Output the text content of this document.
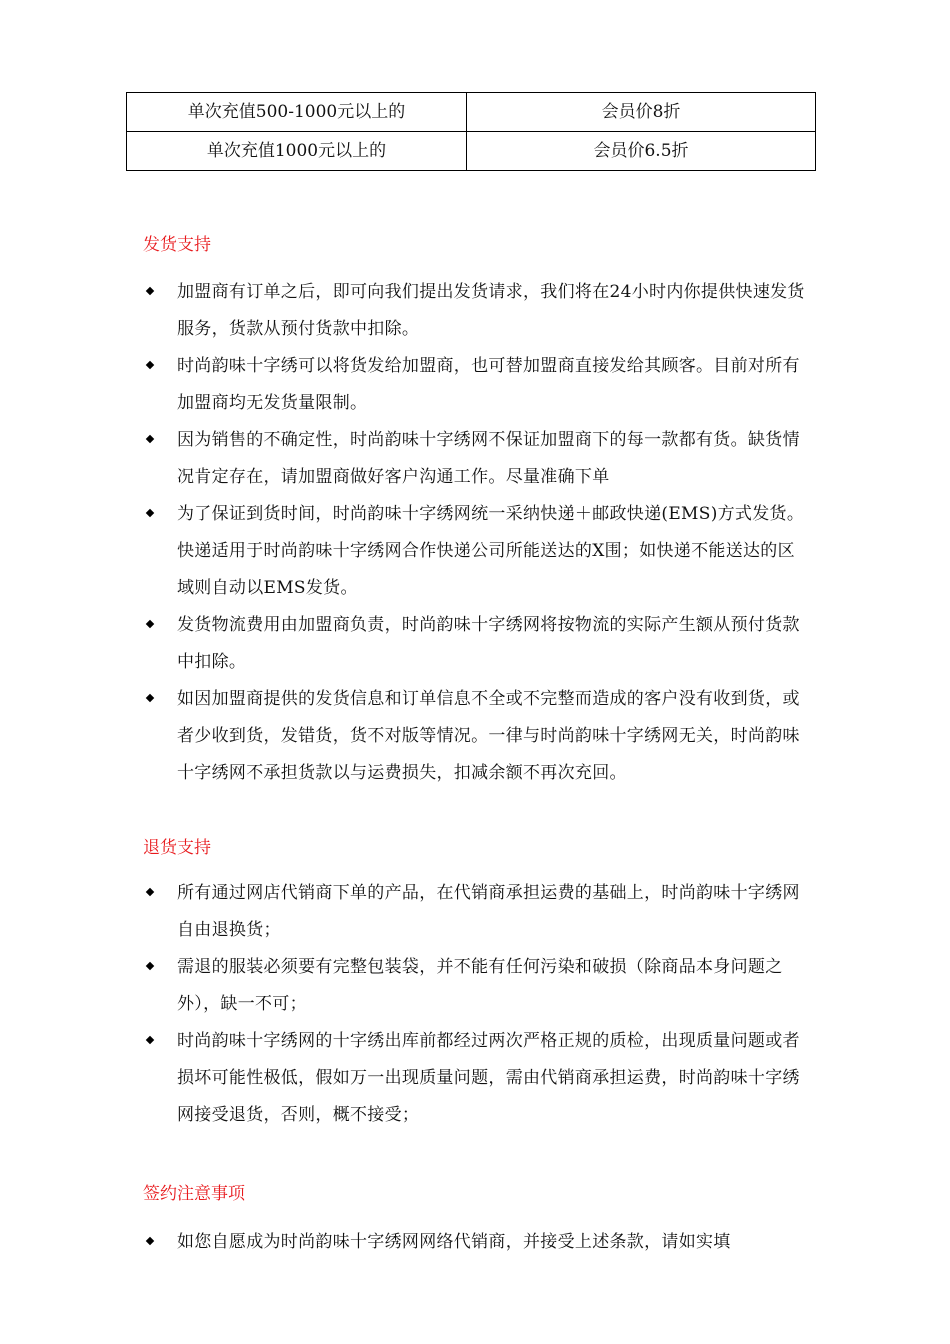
单次充值500-1000元以上的	会员价8折
单次充值1000元以上的	会员价6.5折
发货支持
加盟商有订单之后，即可向我们提出发货请求，我们将在24小时内你提供快速发货服务，货款从预付货款中扣除。
时尚韵味十字绣可以将货发给加盟商，也可替加盟商直接发给其顾客。目前对所有加盟商均无发货量限制。
因为销售的不确定性，时尚韵味十字绣网不保证加盟商下的每一款都有货。缺货情况肯定存在，请加盟商做好客户沟通工作。尽量准确下单
为了保证到货时间，时尚韵味十字绣网统一采纳快递＋邮政快递(EMS)方式发货。快递适用于时尚韵味十字绣网合作快递公司所能送达的X围；如快递不能送达的区域则自动以EMS发货。
发货物流费用由加盟商负责，时尚韵味十字绣网将按物流的实际产生额从预付货款中扣除。
如因加盟商提供的发货信息和订单信息不全或不完整而造成的客户没有收到货，或者少收到货，发错货，货不对版等情况。一律与时尚韵味十字绣网无关，时尚韵味十字绣网不承担货款以与运费损失，扣减余额不再次充回。
退货支持
所有通过网店代销商下单的产品，在代销商承担运费的基础上，时尚韵味十字绣网自由退换货；
需退的服装必须要有完整包装袋，并不能有任何污染和破损（除商品本身问题之外），缺一不可；
时尚韵味十字绣网的十字绣出库前都经过两次严格正规的质检，出现质量问题或者损坏可能性极低，假如万一出现质量问题，需由代销商承担运费，时尚韵味十字绣网接受退货，否则，概不接受；
签约注意事项
如您自愿成为时尚韵味十字绣网网络代销商，并接受上述条款，请如实填
